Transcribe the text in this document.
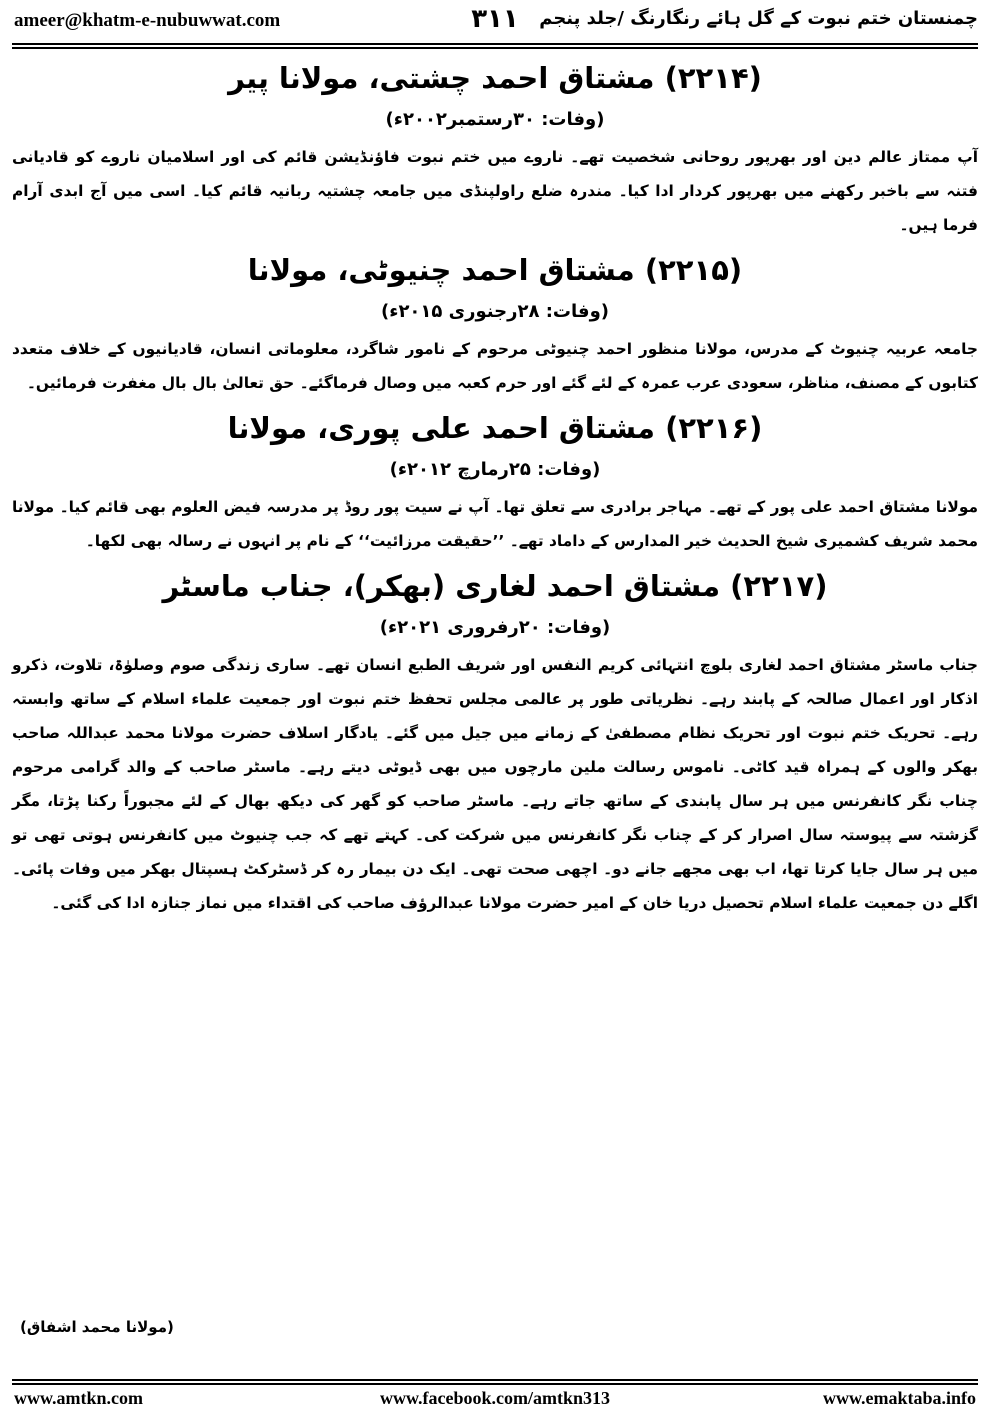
ameer@khatm-e-nubuwwat.com	۳۱۱	چمنستان ختم نبوت کے گل ہائے رنگارنگ /جلد پنجم
(۲۲۱۴) مشتاق احمد چشتی، مولانا پیر
(وفات: ۳۰رستمبر۲۰۰۲ء)

آپ ممتاز عالم دین اور بھرپور روحانی شخصیت تھے۔ ناروے میں ختم نبوت فاؤنڈیشن قائم کی اور اسلامیان ناروے کو قادیانی فتنہ سے باخبر رکھنے میں بھرپور کردار ادا کیا۔ مندرہ ضلع راولپنڈی میں جامعہ چشتیہ ربانیہ قائم کیا۔ اسی میں آج ابدی آرام فرما ہیں۔

(۲۲۱۵) مشتاق احمد چنیوٹی، مولانا
(وفات: ۲۸رجنوری ۲۰۱۵ء)

جامعہ عربیہ چنیوٹ کے مدرس، مولانا منظور احمد چنیوٹی مرحوم کے نامور شاگرد، معلوماتی انسان، قادیانیوں کے خلاف متعدد کتابوں کے مصنف، مناظر، سعودی عرب عمرہ کے لئے گئے اور حرم کعبہ میں وصال فرماگئے۔ حق تعالیٰ بال بال مغفرت فرمائیں۔

(۲۲۱۶) مشتاق احمد علی پوری، مولانا
(وفات: ۲۵رمارچ ۲۰۱۲ء)

مولانا مشتاق احمد علی پور کے تھے۔ مہاجر برادری سے تعلق تھا۔ آپ نے سیت پور روڈ پر مدرسہ فیض العلوم بھی قائم کیا۔ مولانا محمد شریف کشمیری شیخ الحدیث خیر المدارس کے داماد تھے۔ ’’حقیقت مرزائیت‘‘ کے نام پر انہوں نے رسالہ بھی لکھا۔

(۲۲۱۷) مشتاق احمد لغاری (بھکر)، جناب ماسٹر
(وفات: ۲۰رفروری ۲۰۲۱ء)

جناب ماسٹر مشتاق احمد لغاری بلوچ انتہائی کریم النفس اور شریف الطبع انسان تھے۔ ساری زندگی صوم وصلوٰۃ، تلاوت، ذکرو اذکار اور اعمال صالحہ کے پابند رہے۔ نظریاتی طور پر عالمی مجلس تحفظ ختم نبوت اور جمعیت علماء اسلام کے ساتھ وابستہ رہے۔ تحریک ختم نبوت اور تحریک نظام مصطفیٰ کے زمانے میں جیل میں گئے۔ یادگار اسلاف حضرت مولانا محمد عبداللہ صاحب بھکر والوں کے ہمراہ قید کاٹی۔ ناموس رسالت ملین مارچوں میں بھی ڈیوٹی دیتے رہے۔ ماسٹر صاحب کے والد گرامی مرحوم چناب نگر کانفرنس میں ہر سال پابندی کے ساتھ جاتے رہے۔ ماسٹر صاحب کو گھر کی دیکھ بھال کے لئے مجبوراً رکنا پڑتا، مگر گزشتہ سے پیوستہ سال اصرار کر کے چناب نگر کانفرنس میں شرکت کی۔ کہتے تھے کہ جب چنیوٹ میں کانفرنس ہوتی تھی تو میں ہر سال جایا کرتا تھا، اب بھی مجھے جانے دو۔ اچھی صحت تھی۔ ایک دن بیمار رہ کر ڈسٹرکٹ ہسپتال بھکر میں وفات پائی۔ اگلے دن جمعیت علماء اسلام تحصیل دریا خان کے امیر حضرت مولانا عبدالرؤف صاحب کی اقتداء میں نماز جنازہ ادا کی گئی۔

(مولانا محمد اشفاق)
www.amtkn.com	www.facebook.com/amtkn313	www.emaktaba.info
